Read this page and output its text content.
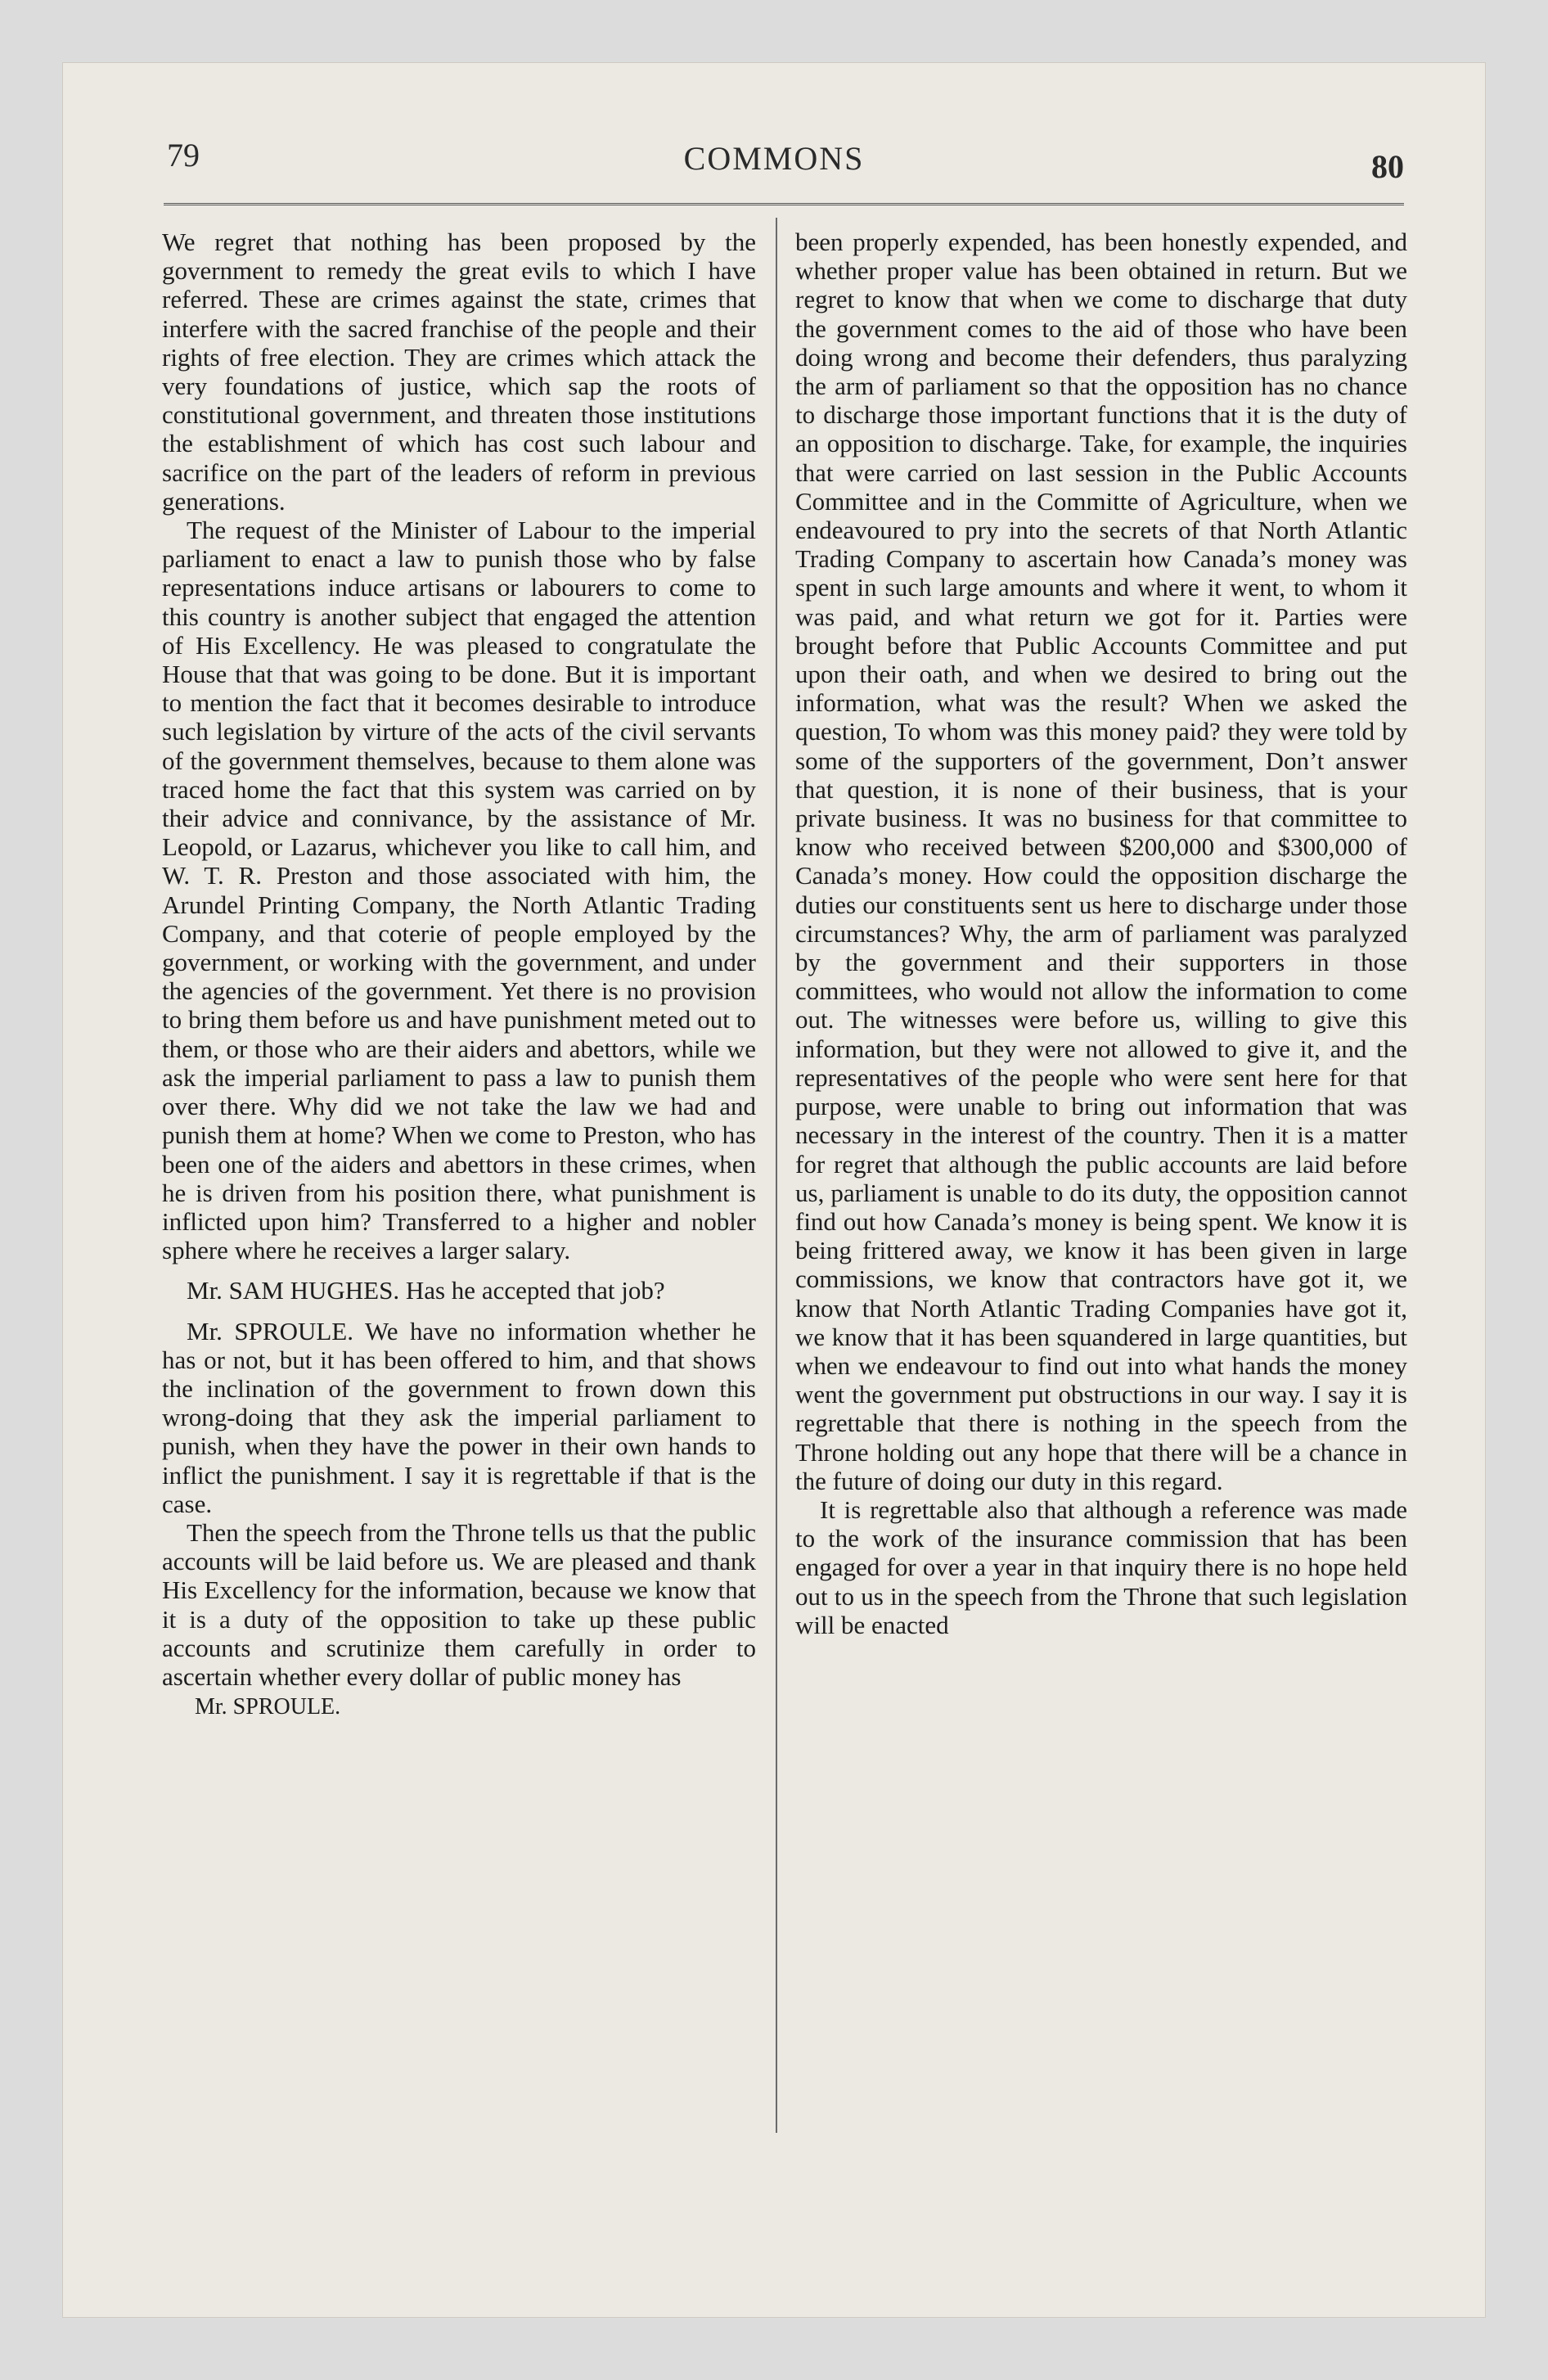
79	COMMONS	80

We regret that nothing has been proposed by the government to remedy the great evils to which I have referred. These are crimes against the state, crimes that interfere with the sacred franchise of the people and their rights of free election. They are crimes which attack the very foundations of justice, which sap the roots of constitutional government, and threaten those institutions the establishment of which has cost such labour and sacrifice on the part of the leaders of reform in previous generations.

The request of the Minister of Labour to the imperial parliament to enact a law to punish those who by false representations induce artisans or labourers to come to this country is another subject that engaged the attention of His Excellency. He was pleased to congratulate the House that that was going to be done. But it is important to mention the fact that it becomes desirable to introduce such legislation by virture of the acts of the civil servants of the government themselves, because to them alone was traced home the fact that this system was carried on by their advice and connivance, by the assistance of Mr. Leopold, or Lazarus, whichever you like to call him, and W. T. R. Preston and those associated with him, the Arundel Printing Company, the North Atlantic Trading Company, and that coterie of people employed by the government, or working with the government, and under the agencies of the government. Yet there is no provision to bring them before us and have punishment meted out to them, or those who are their aiders and abettors, while we ask the imperial parliament to pass a law to punish them over there. Why did we not take the law we had and punish them at home? When we come to Preston, who has been one of the aiders and abettors in these crimes, when he is driven from his position there, what punishment is inflicted upon him? Transferred to a higher and nobler sphere where he receives a larger salary.

Mr. SAM HUGHES. Has he accepted that job?

Mr. SPROULE. We have no information whether he has or not, but it has been offered to him, and that shows the inclination of the government to frown down this wrong-doing that they ask the imperial parliament to punish, when they have the power in their own hands to inflict the punishment. I say it is regrettable if that is the case.

Then the speech from the Throne tells us that the public accounts will be laid before us. We are pleased and thank His Excellency for the information, because we know that it is a duty of the opposition to take up these public accounts and scrutinize them carefully in order to ascertain whether every dollar of public money has

Mr. SPROULE.

been properly expended, has been honestly expended, and whether proper value has been obtained in return. But we regret to know that when we come to discharge that duty the government comes to the aid of those who have been doing wrong and become their defenders, thus paralyzing the arm of parliament so that the opposition has no chance to discharge those important functions that it is the duty of an opposition to discharge. Take, for example, the inquiries that were carried on last session in the Public Accounts Committee and in the Committe of Agriculture, when we endeavoured to pry into the secrets of that North Atlantic Trading Company to ascertain how Canada’s money was spent in such large amounts and where it went, to whom it was paid, and what return we got for it. Parties were brought before that Public Accounts Committee and put upon their oath, and when we desired to bring out the information, what was the result? When we asked the question, To whom was this money paid? they were told by some of the supporters of the government, Don’t answer that question, it is none of their business, that is your private business. It was no business for that committee to know who received between $200,000 and $300,000 of Canada’s money. How could the opposition discharge the duties our constituents sent us here to discharge under those circumstances? Why, the arm of parliament was paralyzed by the government and their supporters in those committees, who would not allow the information to come out. The witnesses were before us, willing to give this information, but they were not allowed to give it, and the representatives of the people who were sent here for that purpose, were unable to bring out information that was necessary in the interest of the country. Then it is a matter for regret that although the public accounts are laid before us, parliament is unable to do its duty, the opposition cannot find out how Canada’s money is being spent. We know it is being frittered away, we know it has been given in large commissions, we know that contractors have got it, we know that North Atlantic Trading Companies have got it, we know that it has been squandered in large quantities, but when we endeavour to find out into what hands the money went the government put obstructions in our way. I say it is regrettable that there is nothing in the speech from the Throne holding out any hope that there will be a chance in the future of doing our duty in this regard.

It is regrettable also that although a reference was made to the work of the insurance commission that has been engaged for over a year in that inquiry there is no hope held out to us in the speech from the Throne that such legislation will be enacted
